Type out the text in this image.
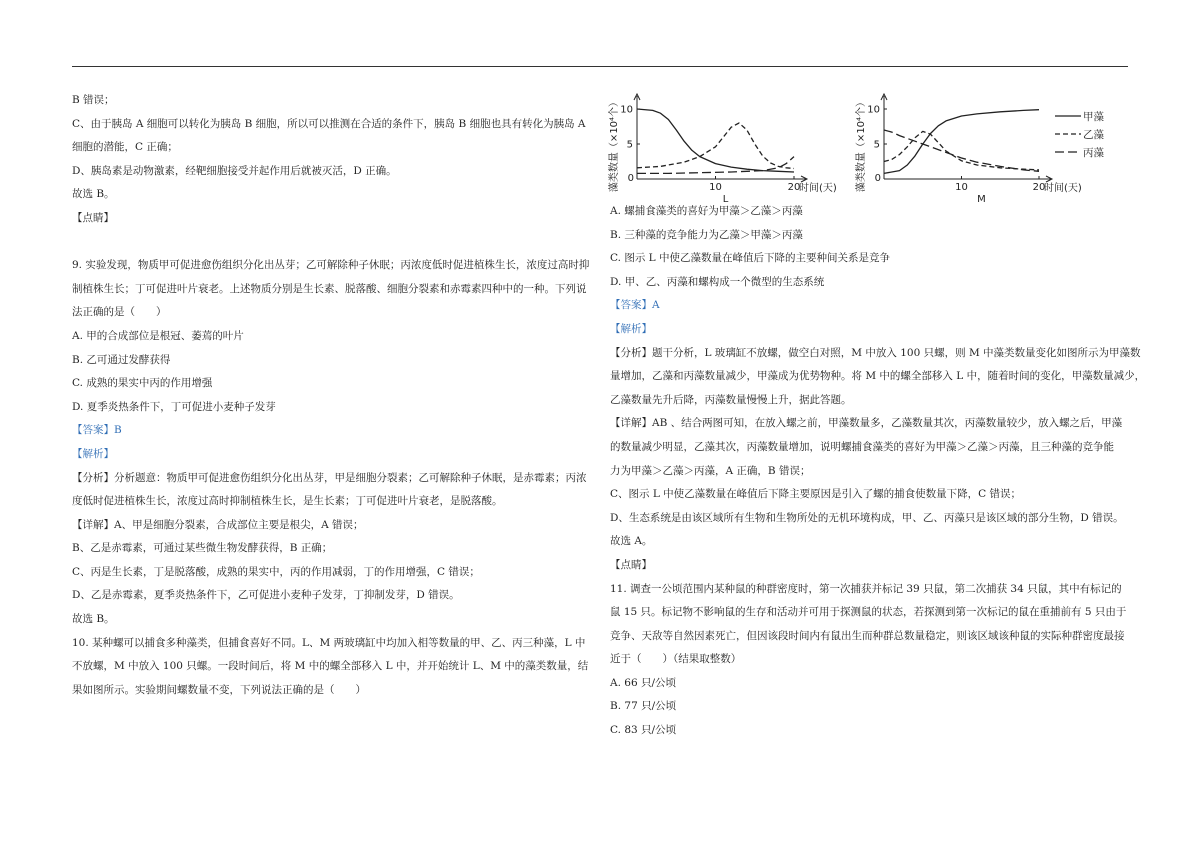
B 错误；

C、由于胰岛 A 细胞可以转化为胰岛 B 细胞，所以可以推测在合适的条件下，胰岛 B 细胞也具有转化为胰岛 A

细胞的潜能，C 正确；

D、胰岛素是动物激素，经靶细胞接受并起作用后就被灭活，D 正确。

故选 B。

【点睛】

9. 实验发现，物质甲可促进愈伤组织分化出丛芽；乙可解除种子休眠；丙浓度低时促进植株生长，浓度过高时抑

制植株生长；丁可促进叶片衰老。上述物质分别是生长素、脱落酸、细胞分裂素和赤霉素四种中的一种。下列说

法正确的是（　　）

A. 甲的合成部位是根冠、萎蔫的叶片

B. 乙可通过发酵获得

C. 成熟的果实中丙的作用增强

D. 夏季炎热条件下，丁可促进小麦种子发芽

【答案】B

【解析】

【分析】分析题意：物质甲可促进愈伤组织分化出丛芽，甲是细胞分裂素；乙可解除种子休眠，是赤霉素；丙浓

度低时促进植株生长，浓度过高时抑制植株生长，是生长素；丁可促进叶片衰老，是脱落酸。

【详解】A、甲是细胞分裂素，合成部位主要是根尖，A 错误；

B、乙是赤霉素，可通过某些微生物发酵获得，B 正确；

C、丙是生长素，丁是脱落酸，成熟的果实中，丙的作用减弱，丁的作用增强，C 错误；

D、乙是赤霉素，夏季炎热条件下，乙可促进小麦种子发芽，丁抑制发芽，D 错误。

故选 B。

10. 某种螺可以捕食多种藻类，但捕食喜好不同。L、M 两玻璃缸中均加入相等数量的甲、乙、丙三种藻，L 中

不放螺，M 中放入 100 只螺。一段时间后，将 M 中的螺全部移入 L 中，并开始统计 L、M 中的藻类数量，结

果如图所示。实验期间螺数量不变，下列说法正确的是（　　）

5
10
0
10	20
时间(天)
藻类数量（×10⁴个）
L
5
10
0
10	20
时间(天)
藻类数量（×10⁴个）
M
甲藻
乙藻
丙藻

A. 螺捕食藻类的喜好为甲藻＞乙藻＞丙藻

B. 三种藻的竞争能力为乙藻＞甲藻＞丙藻

C. 图示 L 中使乙藻数量在峰值后下降的主要种间关系是竞争

D. 甲、乙、丙藻和螺构成一个微型的生态系统

【答案】A

【解析】

【分析】题干分析，L 玻璃缸不放螺，做空白对照，M 中放入 100 只螺，则 M 中藻类数量变化如图所示为甲藻数

量增加，乙藻和丙藻数量减少，甲藻成为优势物种。将 M 中的螺全部移入 L 中，随着时间的变化，甲藻数量减少，

乙藻数量先升后降，丙藻数量慢慢上升，据此答题。

【详解】AB 、结合两图可知，在放入螺之前，甲藻数量多，乙藻数量其次，丙藻数量较少，放入螺之后，甲藻

的数量减少明显，乙藻其次，丙藻数量增加，说明螺捕食藻类的喜好为甲藻＞乙藻＞丙藻，且三种藻的竞争能

力为甲藻＞乙藻＞丙藻，A 正确，B 错误；

C、图示 L 中使乙藻数量在峰值后下降主要原因是引入了螺的捕食使数量下降，C 错误；

D、生态系统是由该区域所有生物和生物所处的无机环境构成，甲、乙、丙藻只是该区域的部分生物，D 错误。

故选 A。

【点睛】

11. 调查一公顷范围内某种鼠的种群密度时，第一次捕获并标记 39 只鼠，第二次捕获 34 只鼠，其中有标记的

鼠 15 只。标记物不影响鼠的生存和活动并可用于探测鼠的状态，若探测到第一次标记的鼠在重捕前有 5 只由于

竞争、天敌等自然因素死亡，但因该段时间内有鼠出生而种群总数量稳定，则该区域该种鼠的实际种群密度最接

近于（　　）（结果取整数）

A. 66 只/公顷

B. 77 只/公顷

C. 83 只/公顷
